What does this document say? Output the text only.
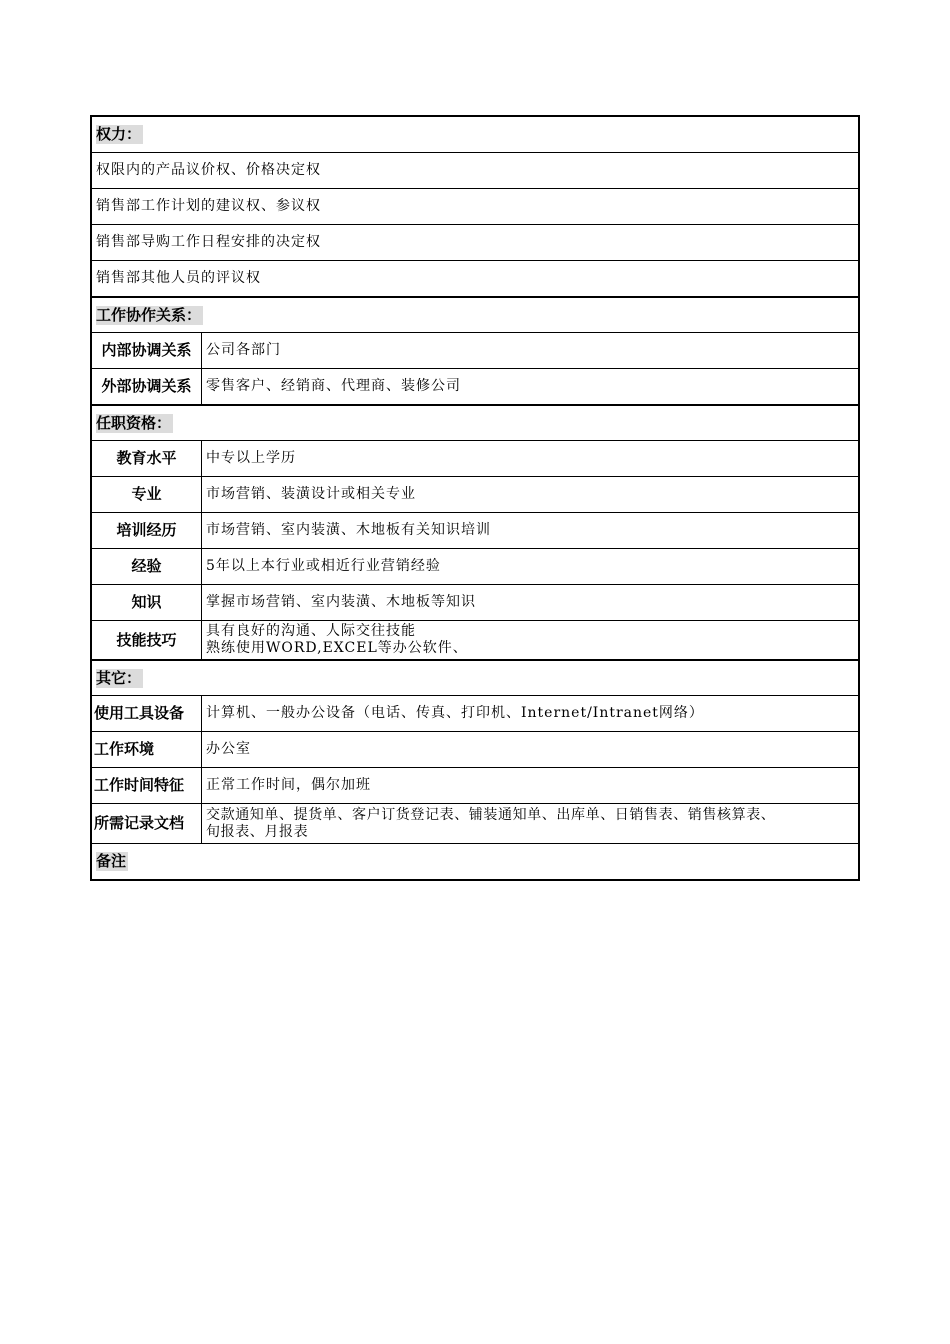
权力：
权限内的产品议价权、价格决定权
销售部工作计划的建议权、参议权
销售部导购工作日程安排的决定权
销售部其他人员的评议权
工作协作关系：
内部协调关系	公司各部门
外部协调关系	零售客户、经销商、代理商、装修公司
任职资格：
教育水平	中专以上学历
专业	市场营销、装潢设计或相关专业
培训经历	市场营销、室内装潢、木地板有关知识培训
经验	5年以上本行业或相近行业营销经验
知识	掌握市场营销、室内装潢、木地板等知识
技能技巧	具有良好的沟通、人际交往技能
熟练使用WORD,EXCEL等办公软件、
其它：
使用工具设备	计算机、一般办公设备（电话、传真、打印机、Internet/Intranet网络）
工作环境	办公室
工作时间特征	正常工作时间，偶尔加班
所需记录文档	交款通知单、提货单、客户订货登记表、铺装通知单、出库单、日销售表、销售核算表、
旬报表、月报表
备注
